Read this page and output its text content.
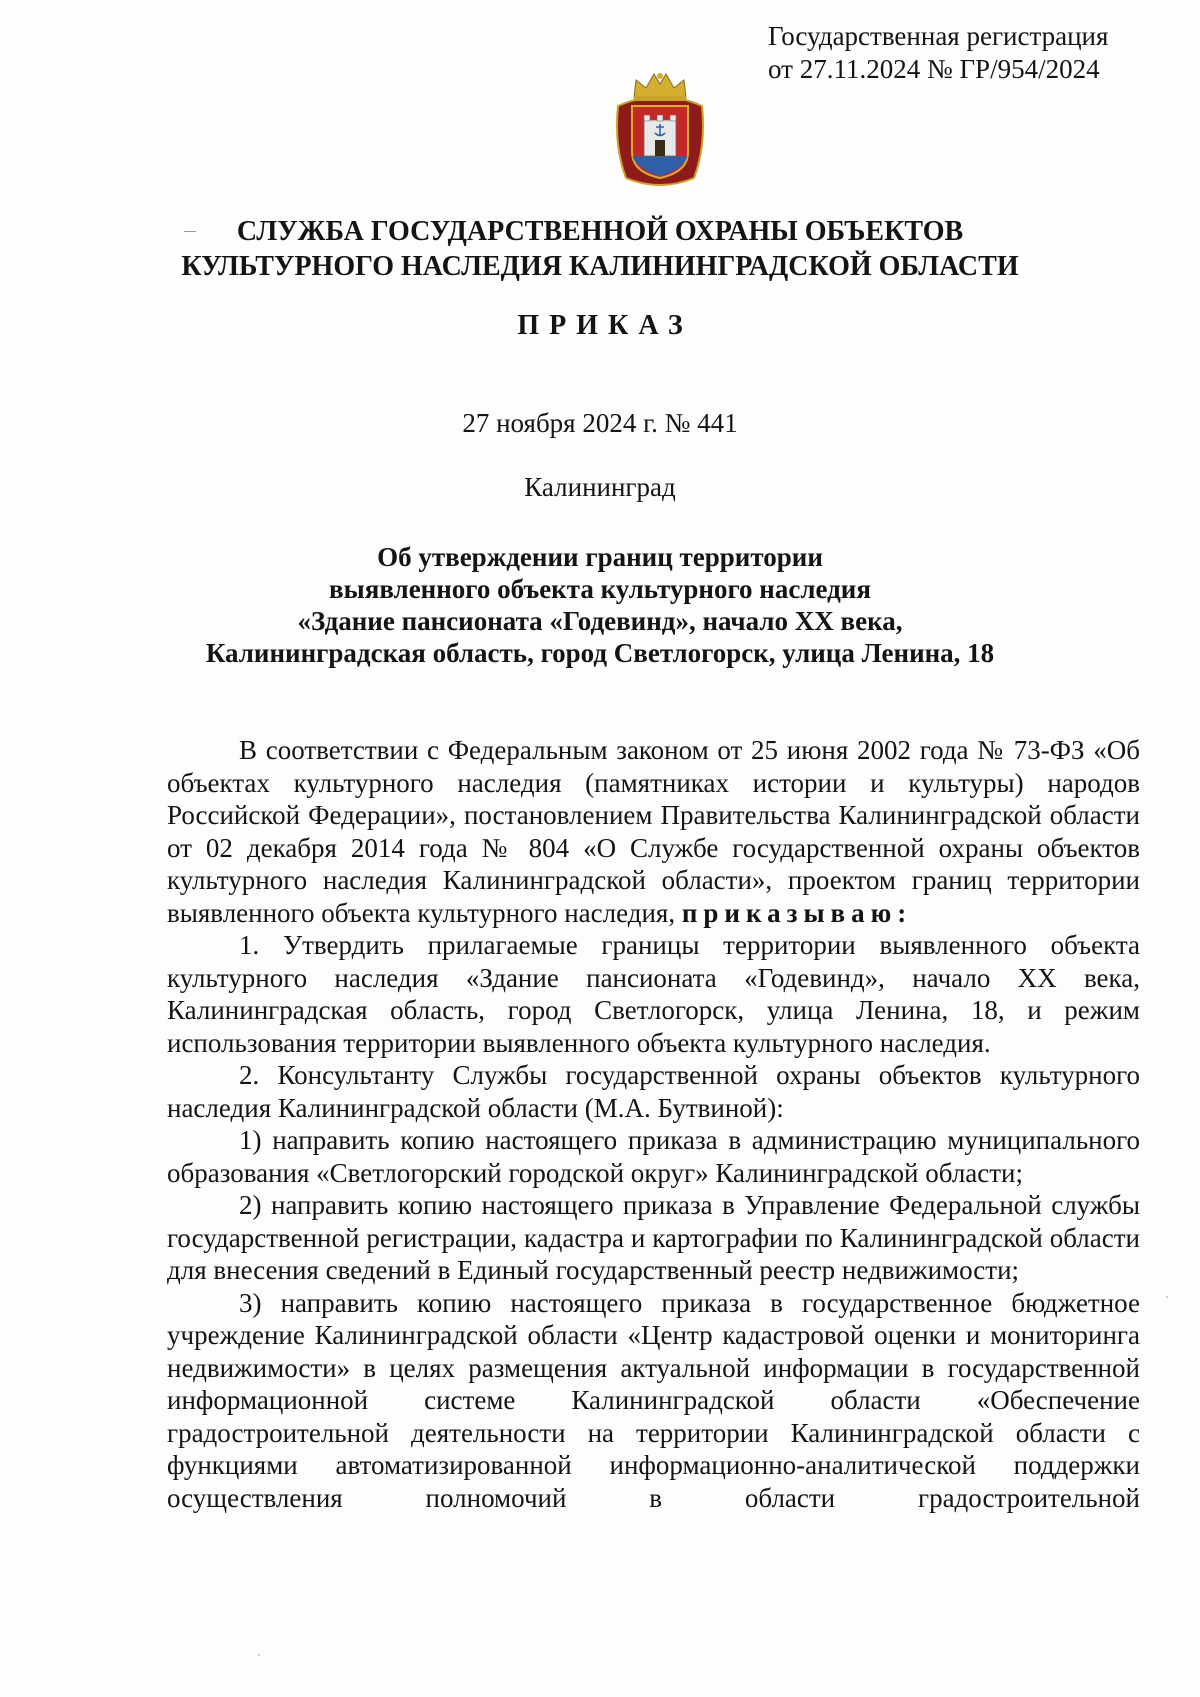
Государственная регистрация
от 27.11.2024 № ГР/954/2024
СЛУЖБА ГОСУДАРСТВЕННОЙ ОХРАНЫ ОБЪЕКТОВ
КУЛЬТУРНОГО НАСЛЕДИЯ КАЛИНИНГРАДСКОЙ ОБЛАСТИ
ПРИКАЗ
27 ноября 2024 г. № 441
Калининград
Об утверждении границ территории
выявленного объекта культурного наследия
«Здание пансионата «Годевинд», начало XX века,
Калининградская область, город Светлогорск, улица Ленина, 18

В соответствии с Федеральным законом от 25 июня 2002 года № 73-ФЗ «Об объектах культурного наследия (памятниках истории и культуры) народов Российской Федерации», постановлением Правительства Калининградской области от 02 декабря 2014 года № 804 «О Службе государственной охраны объектов культурного наследия Калининградской области», проектом границ территории выявленного объекта культурного наследия, приказываю:

1. Утвердить прилагаемые границы территории выявленного объекта культурного наследия «Здание пансионата «Годевинд», начало XX века, Калининградская область, город Светлогорск, улица Ленина, 18, и режим использования территории выявленного объекта культурного наследия.

2. Консультанту Службы государственной охраны объектов культурного наследия Калининградской области (М.А. Бутвиной):

1) направить копию настоящего приказа в администрацию муниципального образования «Светлогорский городской округ» Калининградской области;

2) направить копию настоящего приказа в Управление Федеральной службы государственной регистрации, кадастра и картографии по Калининградской области для внесения сведений в Единый государственный реестр недвижимости;

3) направить копию настоящего приказа в государственное бюджетное учреждение Калининградской области «Центр кадастровой оценки и мониторинга недвижимости» в целях размещения актуальной информации в государственной информационной системе Калининградской области «Обеспечение градостроительной деятельности на территории Калининградской области с функциями автоматизированной информационно-аналитической поддержки осуществления полномочий в области градостроительной
